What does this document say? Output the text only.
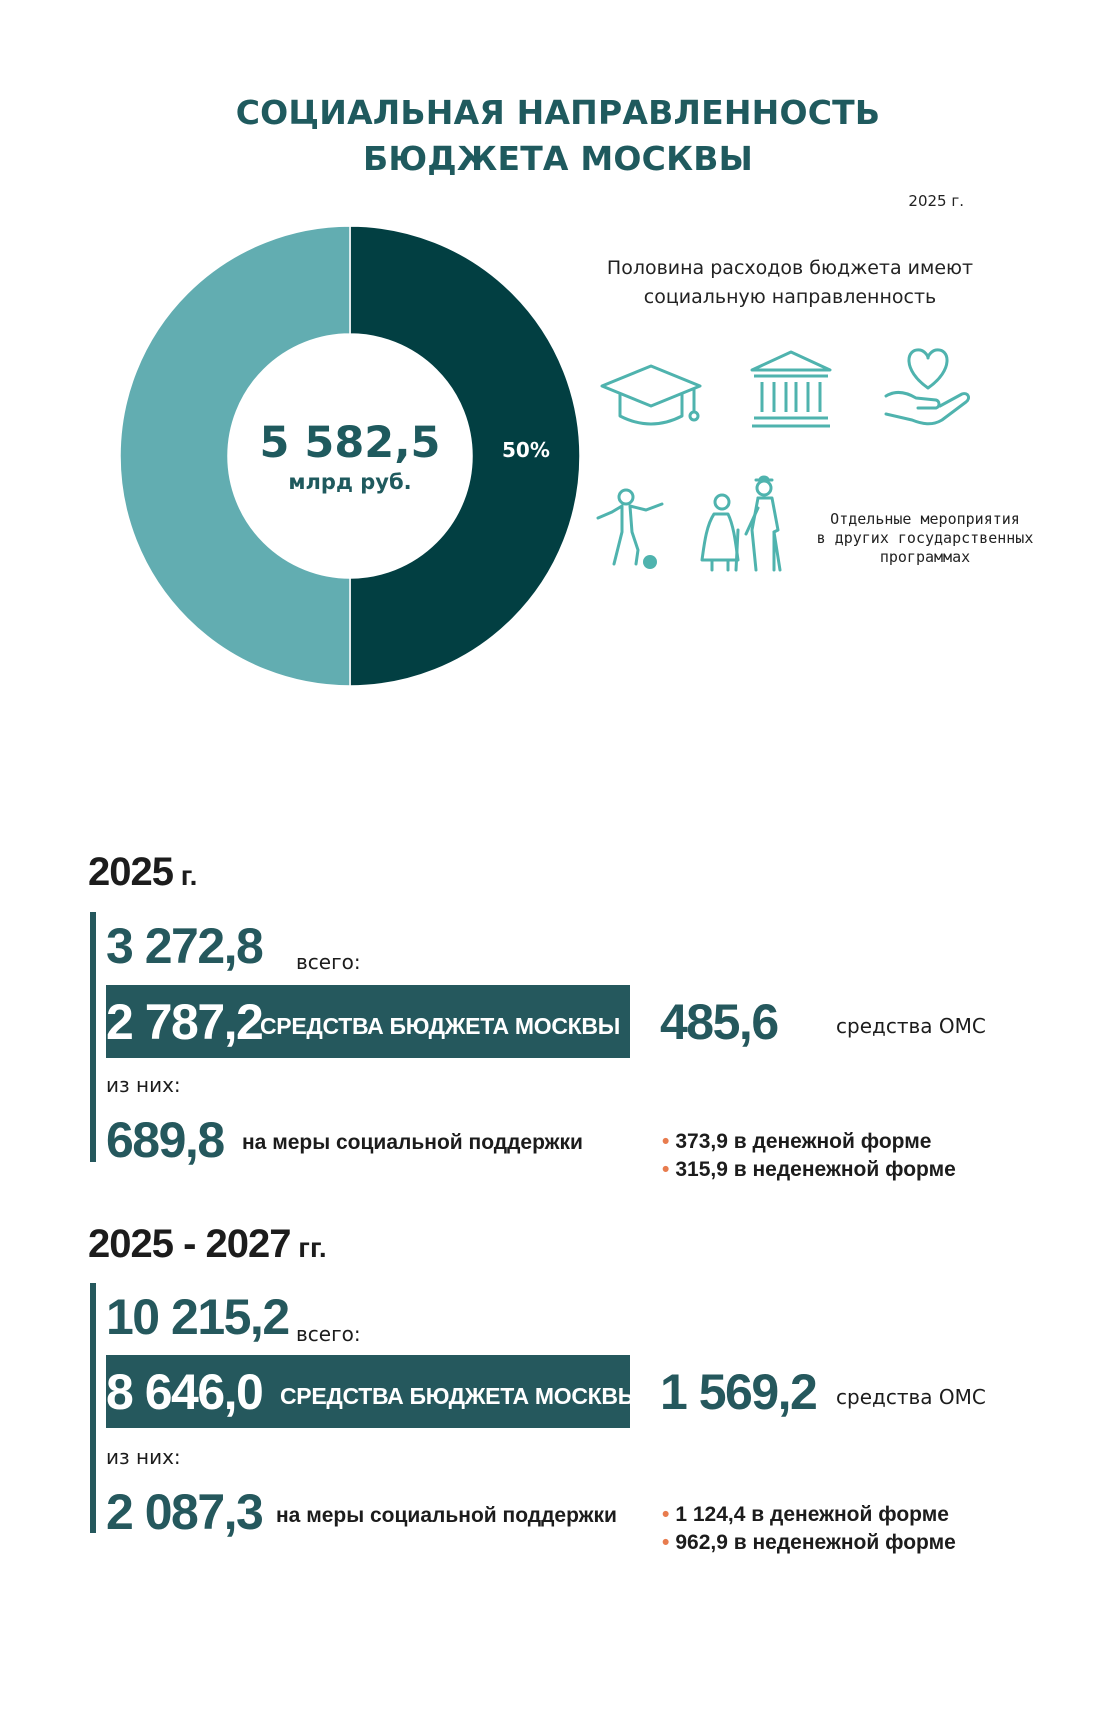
СОЦИАЛЬНАЯ НАПРАВЛЕННОСТЬ
БЮДЖЕТА МОСКВЫ
2025 г.
5 582,5
млрд руб.
50%
Половина расходов бюджета имеют
социальную направленность
Отдельные мероприятия
в других государственных
программах
2025 г.
3 272,8 всего:
2 787,2
СРЕДСТВА БЮДЖЕТА МОСКВЫ 485,6	средства ОМС
из них:
689,8 на меры социальной поддержки	• 373,9 в денежной форме
• 315,9 в неденежной форме
2025 - 2027 гг.
10 215,2 всего:
8 646,0 СРЕДСТВА БЮДЖЕТА МОСКВЫ 1 569,2 средства ОМС
из них:
2 087,3 на меры социальной поддержки • 1 124,4 в денежной форме
• 962,9 в неденежной форме
